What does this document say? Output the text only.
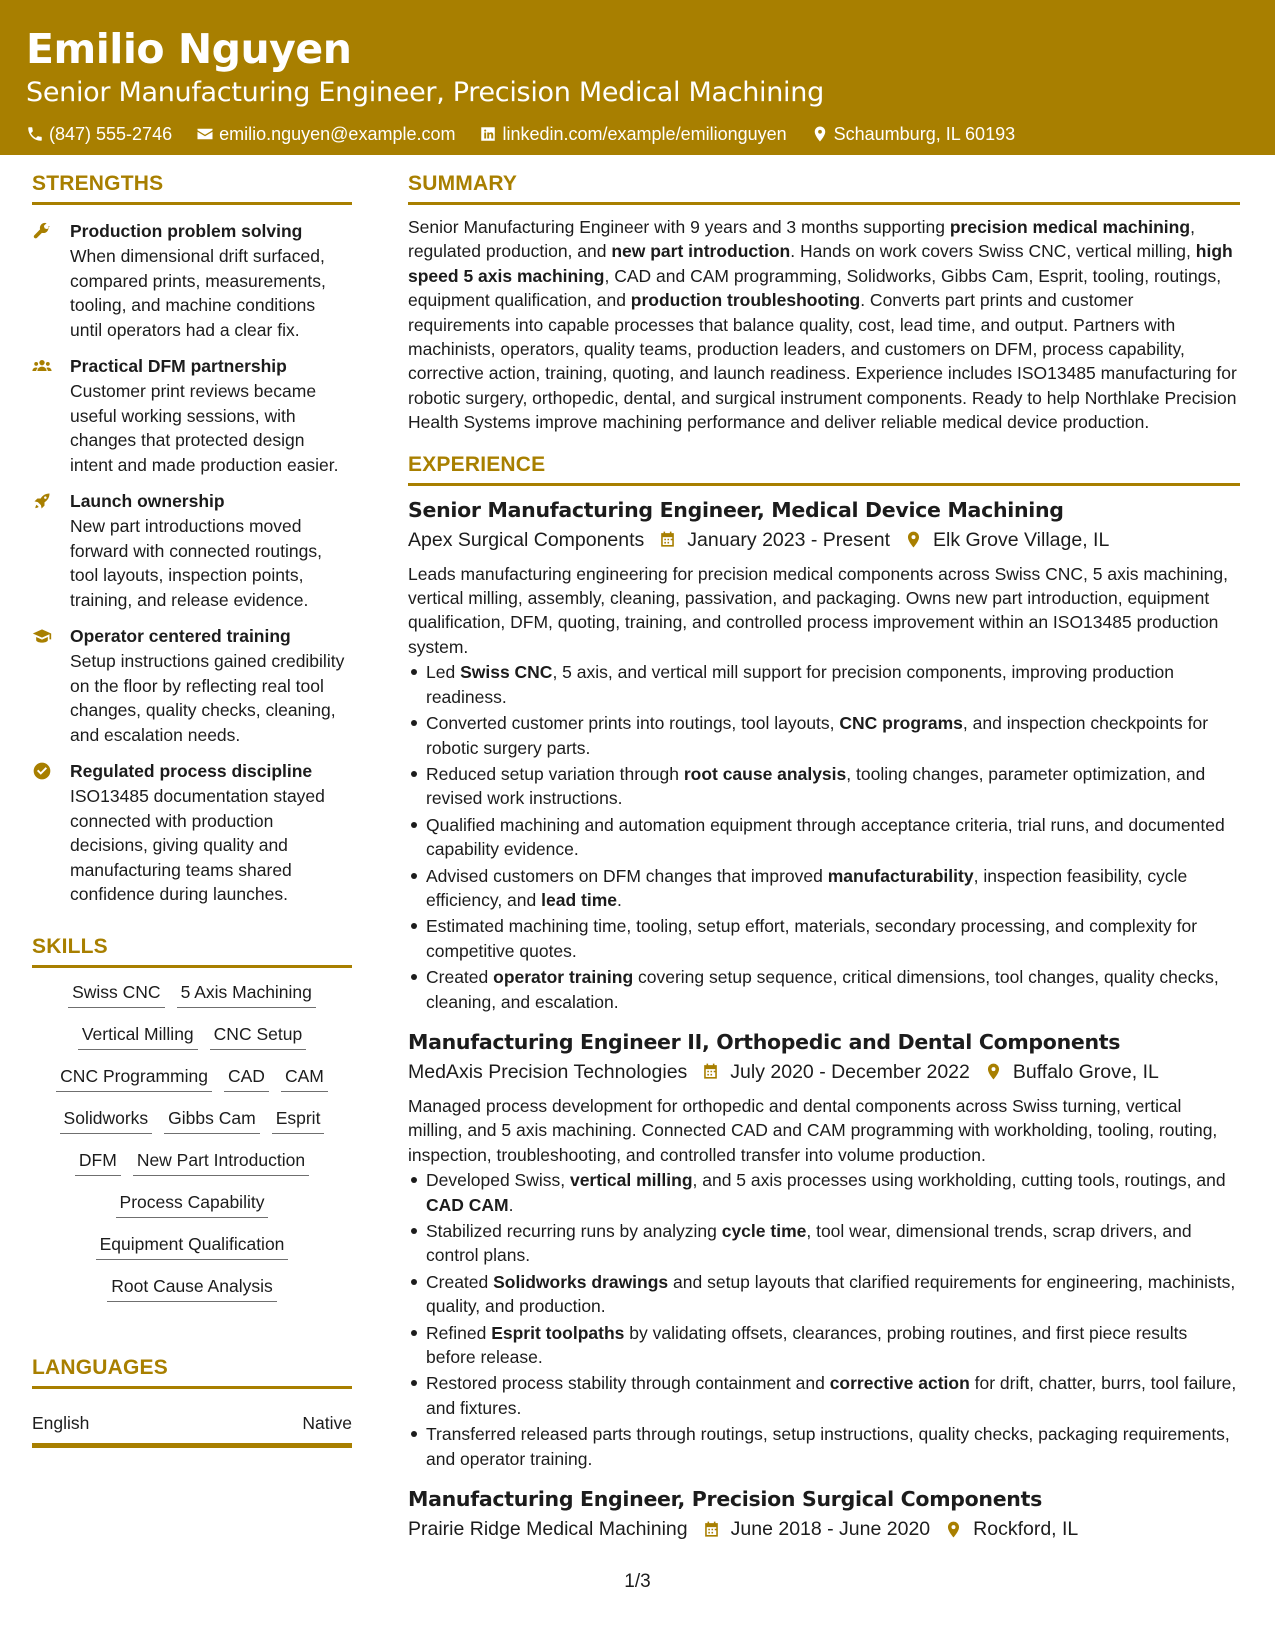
Emilio Nguyen
Senior Manufacturing Engineer, Precision Medical Machining
(847) 555-2746	emilio.nguyen@example.com	linkedin.com/example/emilionguyen	Schaumburg, IL 60193
STRENGTHS
Production problem solving
When dimensional drift surfaced, compared prints, measurements, tooling, and machine conditions until operators had a clear fix.
Practical DFM partnership
Customer print reviews became useful working sessions, with changes that protected design intent and made production easier.
Launch ownership
New part introductions moved forward with connected routings, tool layouts, inspection points, training, and release evidence.
Operator centered training
Setup instructions gained credibility on the floor by reflecting real tool changes, quality checks, cleaning, and escalation needs.
Regulated process discipline
ISO13485 documentation stayed connected with production decisions, giving quality and manufacturing teams shared confidence during launches.
SKILLS
Swiss CNC 5 Axis Machining
Vertical Milling CNC Setup
CNC Programming CAD CAM
Solidworks Gibbs Cam Esprit
DFM New Part Introduction
Process Capability
Equipment Qualification
Root Cause Analysis
LANGUAGES
English	Native
SUMMARY

Senior Manufacturing Engineer with 9 years and 3 months supporting precision medical machining, regulated production, and new part introduction. Hands on work covers Swiss CNC, vertical milling, high speed 5 axis machining, CAD and CAM programming, Solidworks, Gibbs Cam, Esprit, tooling, routings, equipment qualification, and production troubleshooting. Converts part prints and customer requirements into capable processes that balance quality, cost, lead time, and output. Partners with machinists, operators, quality teams, production leaders, and customers on DFM, process capability, corrective action, training, quoting, and launch readiness. Experience includes ISO13485 manufacturing for robotic surgery, orthopedic, dental, and surgical instrument components. Ready to help Northlake Precision Health Systems improve machining performance and deliver reliable medical device production.

EXPERIENCE
Senior Manufacturing Engineer, Medical Device Machining
Apex Surgical Components January 2023 - Present Elk Grove Village, IL
Leads manufacturing engineering for precision medical components across Swiss CNC, 5 axis machining, vertical milling, assembly, cleaning, passivation, and packaging. Owns new part introduction, equipment qualification, DFM, quoting, training, and controlled process improvement within an ISO13485 production system.
Led Swiss CNC, 5 axis, and vertical mill support for precision components, improving production readiness.
Converted customer prints into routings, tool layouts, CNC programs, and inspection checkpoints for robotic surgery parts.
Reduced setup variation through root cause analysis, tooling changes, parameter optimization, and revised work instructions.
Qualified machining and automation equipment through acceptance criteria, trial runs, and documented capability evidence.
Advised customers on DFM changes that improved manufacturability, inspection feasibility, cycle efficiency, and lead time.
Estimated machining time, tooling, setup effort, materials, secondary processing, and complexity for competitive quotes.
Created operator training covering setup sequence, critical dimensions, tool changes, quality checks, cleaning, and escalation.
Manufacturing Engineer II, Orthopedic and Dental Components
MedAxis Precision Technologies July 2020 - December 2022 Buffalo Grove, IL
Managed process development for orthopedic and dental components across Swiss turning, vertical milling, and 5 axis machining. Connected CAD and CAM programming with workholding, tooling, routing, inspection, troubleshooting, and controlled transfer into volume production.
Developed Swiss, vertical milling, and 5 axis processes using workholding, cutting tools, routings, and CAD CAM.
Stabilized recurring runs by analyzing cycle time, tool wear, dimensional trends, scrap drivers, and control plans.
Created Solidworks drawings and setup layouts that clarified requirements for engineering, machinists, quality, and production.
Refined Esprit toolpaths by validating offsets, clearances, probing routines, and first piece results before release.
Restored process stability through containment and corrective action for drift, chatter, burrs, tool failure, and fixtures.
Transferred released parts through routings, setup instructions, quality checks, packaging requirements, and operator training.
Manufacturing Engineer, Precision Surgical Components
Prairie Ridge Medical Machining June 2018 - June 2020 Rockford, IL
1/3
